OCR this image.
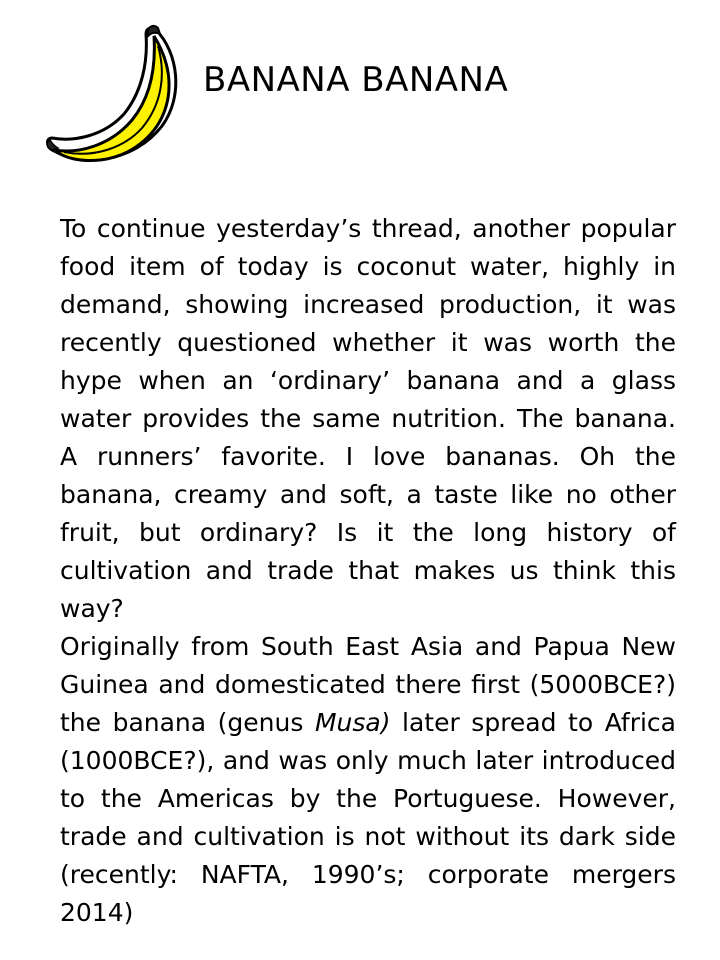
BANANA BANANA

To continue yesterday’s thread, another popular food item of today is coconut water, highly in demand, showing increased production, it was recently questioned whether it was worth the hype when an ‘ordinary’ banana and a glass water provides the same nutrition. The banana. A runners’ favorite. I love bananas. Oh the banana, creamy and soft, a taste like no other fruit, but ordinary? Is it the long history of cultivation and trade that makes us think this way?

Originally from South East Asia and Papua New Guinea and domesticated there first (5000BCE?) the banana (genus Musa) later spread to Africa (1000BCE?), and was only much later introduced to the Americas by the Portuguese. However, trade and cultivation is not without its dark side (recently: NAFTA, 1990’s; corporate mergers 2014)
